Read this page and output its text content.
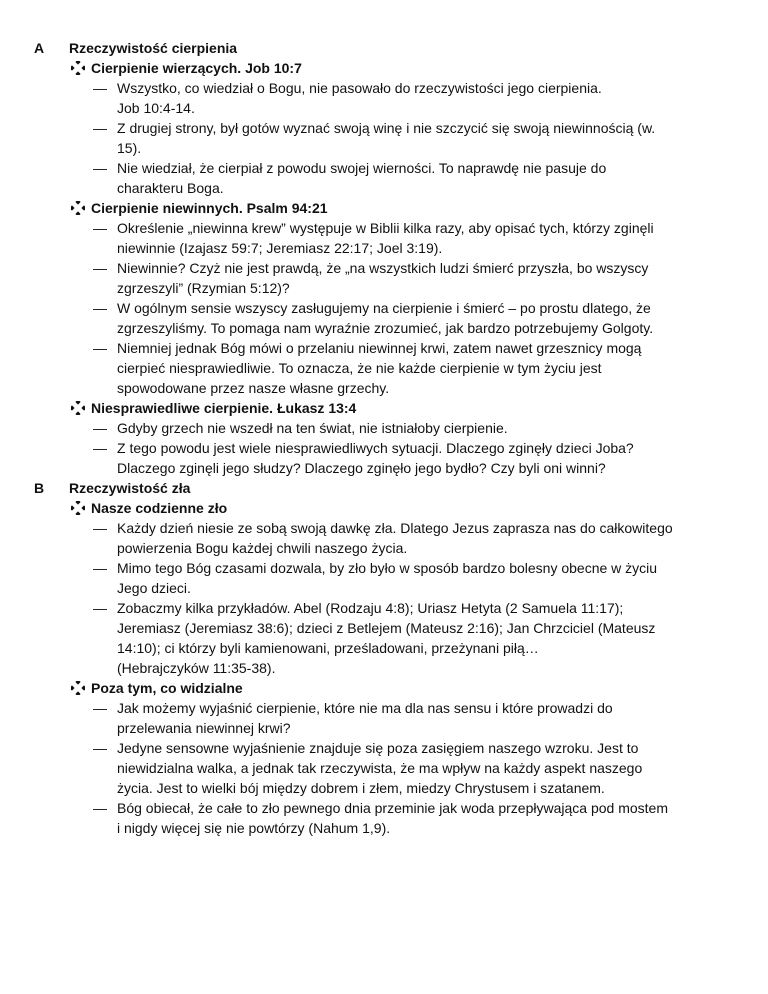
A Rzeczywistość cierpienia
Cierpienie wierzących. Job 10:7
— Wszystko, co wiedział o Bogu, nie pasowało do rzeczywistości jego cierpienia.
Job 10:4-14.
— Z drugiej strony, był gotów wyznać swoją winę i nie szczycić się swoją niewinnością (w.
15).
— Nie wiedział, że cierpiał z powodu swojej wierności. To naprawdę nie pasuje do
charakteru Boga.
Cierpienie niewinnych. Psalm 94:21
— Określenie „niewinna krew” występuje w Biblii kilka razy, aby opisać tych, którzy zginęli
niewinnie (Izajasz 59:7; Jeremiasz 22:17; Joel 3:19).
— Niewinnie? Czyż nie jest prawdą, że „na wszystkich ludzi śmierć przyszła, bo wszyscy
zgrzeszyli” (Rzymian 5:12)?
— W ogólnym sensie wszyscy zasługujemy na cierpienie i śmierć – po prostu dlatego, że
zgrzeszyliśmy. To pomaga nam wyraźnie zrozumieć, jak bardzo potrzebujemy Golgoty.
— Niemniej jednak Bóg mówi o przelaniu niewinnej krwi, zatem nawet grzesznicy mogą
cierpieć niesprawiedliwie. To oznacza, że nie każde cierpienie w tym życiu jest
spowodowane przez nasze własne grzechy.
Niesprawiedliwe cierpienie. Łukasz 13:4
— Gdyby grzech nie wszedł na ten świat, nie istniałoby cierpienie.
— Z tego powodu jest wiele niesprawiedliwych sytuacji. Dlaczego zginęły dzieci Joba?
Dlaczego zginęli jego słudzy? Dlaczego zginęło jego bydło? Czy byli oni winni?
B Rzeczywistość zła
Nasze codzienne zło
— Każdy dzień niesie ze sobą swoją dawkę zła. Dlatego Jezus zaprasza nas do całkowitego
powierzenia Bogu każdej chwili naszego życia.
— Mimo tego Bóg czasami dozwala, by zło było w sposób bardzo bolesny obecne w życiu
Jego dzieci.
— Zobaczmy kilka przykładów. Abel (Rodzaju 4:8); Uriasz Hetyta (2 Samuela 11:17);
Jeremiasz (Jeremiasz 38:6); dzieci z Betlejem (Mateusz 2:16); Jan Chrzciciel (Mateusz
14:10); ci którzy byli kamienowani, prześladowani, przeżynani piłą…
(Hebrajczyków 11:35-38).
Poza tym, co widzialne
— Jak możemy wyjaśnić cierpienie, które nie ma dla nas sensu i które prowadzi do
przelewania niewinnej krwi?
— Jedyne sensowne wyjaśnienie znajduje się poza zasięgiem naszego wzroku. Jest to
niewidzialna walka, a jednak tak rzeczywista, że ma wpływ na każdy aspekt naszego
życia. Jest to wielki bój między dobrem i złem, miedzy Chrystusem i szatanem.
— Bóg obiecał, że całe to zło pewnego dnia przeminie jak woda przepływająca pod mostem
i nigdy więcej się nie powtórzy (Nahum 1,9).
